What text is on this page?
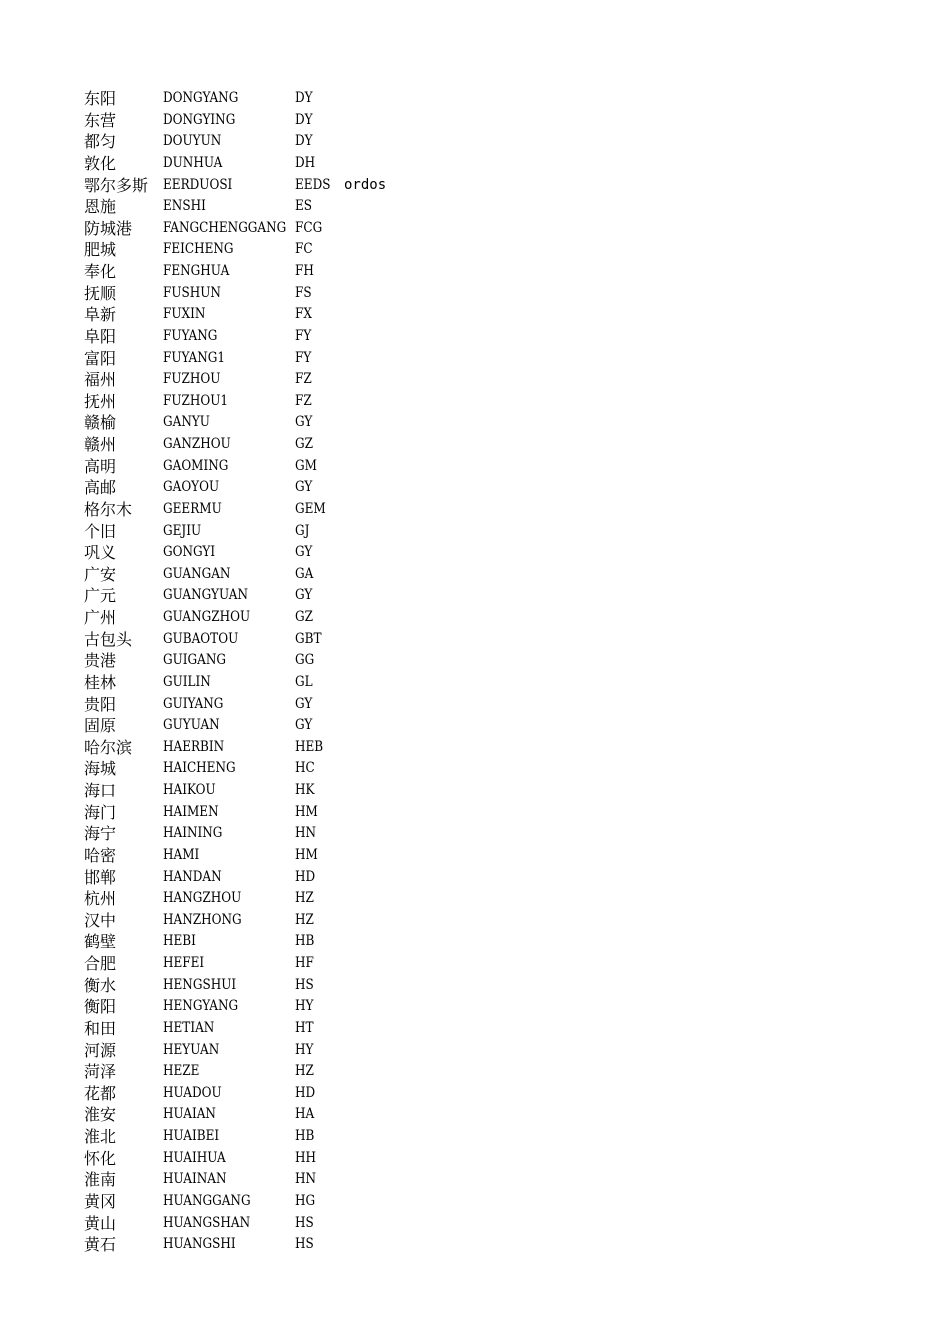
东阳	DONGYANG	DY
东营	DONGYING	DY
都匀	DOUYUN	DY
敦化	DUNHUA	DH
鄂尔多斯 EERDUOSI	EEDS ordos
恩施	ENSHI	ES
防城港 FANGCHENGGANG FCG
肥城	FEICHENG	FC
奉化	FENGHUA	FH
抚顺	FUSHUN	FS
阜新	FUXIN	FX
阜阳	FUYANG	FY
富阳	FUYANG1	FY
福州	FUZHOU	FZ
抚州	FUZHOU1	FZ
赣榆	GANYU	GY
赣州	GANZHOU	GZ
高明	GAOMING	GM
高邮	GAOYOU	GY
格尔木 GEERMU	GEM
个旧	GEJIU	GJ
巩义	GONGYI	GY
广安	GUANGAN	GA
广元	GUANGYUAN	GY
广州	GUANGZHOU	GZ
古包头 GUBAOTOU	GBT
贵港	GUIGANG	GG
桂林	GUILIN	GL
贵阳	GUIYANG	GY
固原	GUYUAN	GY
哈尔滨 HAERBIN	HEB
海城	HAICHENG	HC
海口	HAIKOU	HK
海门	HAIMEN	HM
海宁	HAINING	HN
哈密	HAMI	HM
邯郸	HANDAN	HD
杭州	HANGZHOU	HZ
汉中	HANZHONG	HZ
鹤壁	HEBI	HB
合肥	HEFEI	HF
衡水	HENGSHUI	HS
衡阳	HENGYANG	HY
和田	HETIAN	HT
河源	HEYUAN	HY
菏泽	HEZE	HZ
花都	HUADOU	HD
淮安	HUAIAN	HA
淮北	HUAIBEI	HB
怀化	HUAIHUA	HH
淮南	HUAINAN	HN
黄冈	HUANGGANG	HG
黄山	HUANGSHAN	HS
黄石	HUANGSHI	HS
